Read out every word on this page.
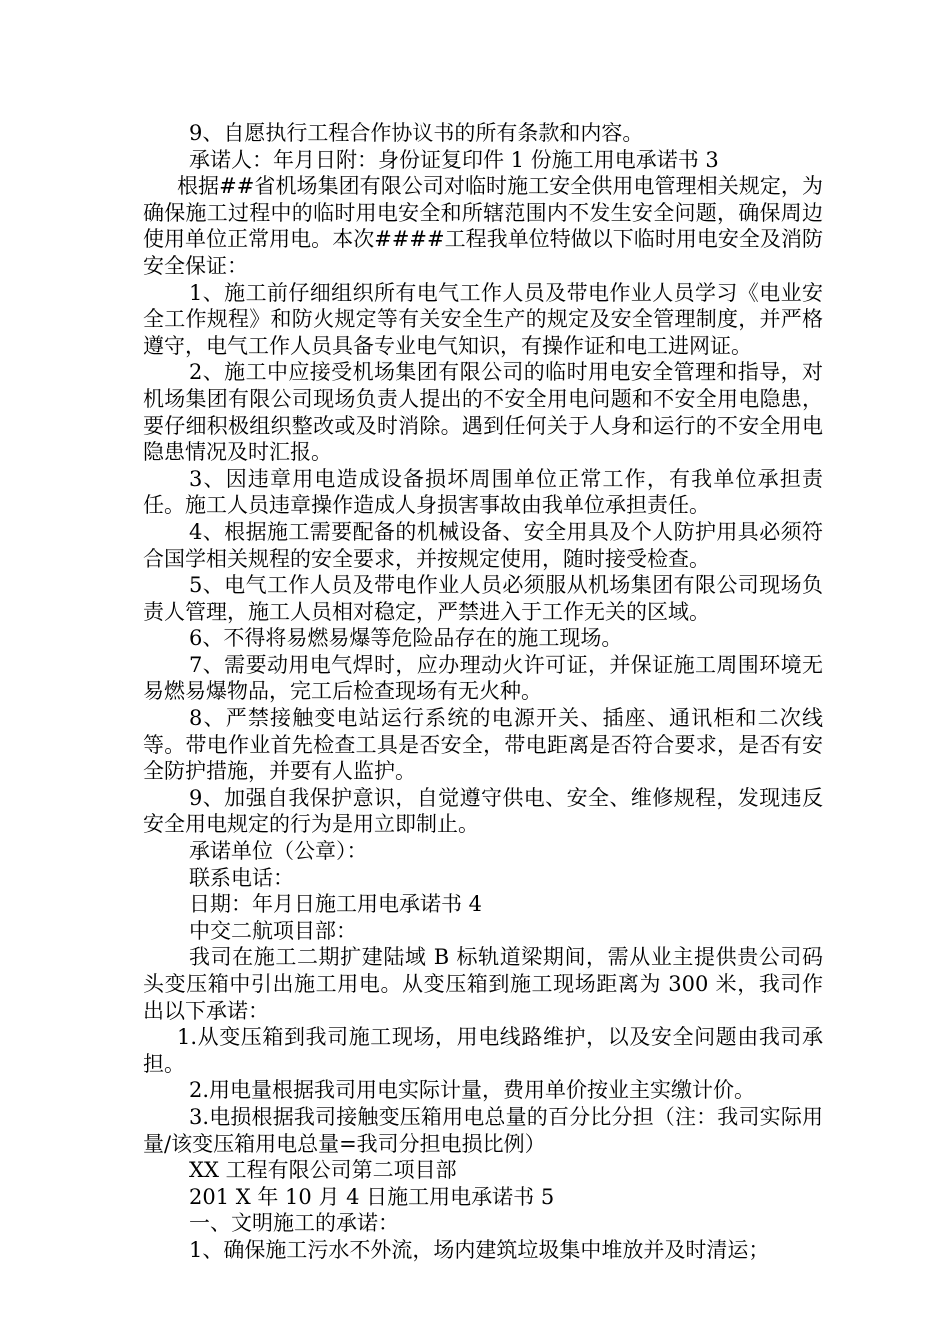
9、自愿执行工程合作协议书的所有条款和内容。

承诺人：年月日附：身份证复印件 1 份施工用电承诺书 3

根据##省机场集团有限公司对临时施工安全供用电管理相关规定，为确保施工过程中的临时用电安全和所辖范围内不发生安全问题，确保周边使用单位正常用电。本次####工程我单位特做以下临时用电安全及消防安全保证：

1、施工前仔细组织所有电气工作人员及带电作业人员学习《电业安全工作规程》和防火规定等有关安全生产的规定及安全管理制度，并严格遵守，电气工作人员具备专业电气知识，有操作证和电工进网证。

2、施工中应接受机场集团有限公司的临时用电安全管理和指导，对机场集团有限公司现场负责人提出的不安全用电问题和不安全用电隐患，要仔细积极组织整改或及时消除。遇到任何关于人身和运行的不安全用电隐患情况及时汇报。

3、因违章用电造成设备损坏周围单位正常工作，有我单位承担责任。施工人员违章操作造成人身损害事故由我单位承担责任。

4、根据施工需要配备的机械设备、安全用具及个人防护用具必须符合国学相关规程的安全要求，并按规定使用，随时接受检查。

5、电气工作人员及带电作业人员必须服从机场集团有限公司现场负责人管理，施工人员相对稳定，严禁进入于工作无关的区域。

6、不得将易燃易爆等危险品存在的施工现场。

7、需要动用电气焊时，应办理动火许可证，并保证施工周围环境无易燃易爆物品，完工后检查现场有无火种。

8、严禁接触变电站运行系统的电源开关、插座、通讯柜和二次线等。带电作业首先检查工具是否安全，带电距离是否符合要求，是否有安全防护措施，并要有人监护。

9、加强自我保护意识，自觉遵守供电、安全、维修规程，发现违反安全用电规定的行为是用立即制止。

承诺单位（公章）：

联系电话：

日期：年月日施工用电承诺书 4

中交二航项目部：

我司在施工二期扩建陆域 B 标轨道梁期间，需从业主提供贵公司码头变压箱中引出施工用电。从变压箱到施工现场距离为 300 米，我司作出以下承诺：

1.从变压箱到我司施工现场，用电线路维护，以及安全问题由我司承担。

2.用电量根据我司用电实际计量，费用单价按业主实缴计价。

3.电损根据我司接触变压箱用电总量的百分比分担（注：我司实际用量/该变压箱用电总量=我司分担电损比例）

XX 工程有限公司第二项目部

201 X 年 10 月 4 日施工用电承诺书 5

一、文明施工的承诺：

1、确保施工污水不外流，场内建筑垃圾集中堆放并及时清运；
